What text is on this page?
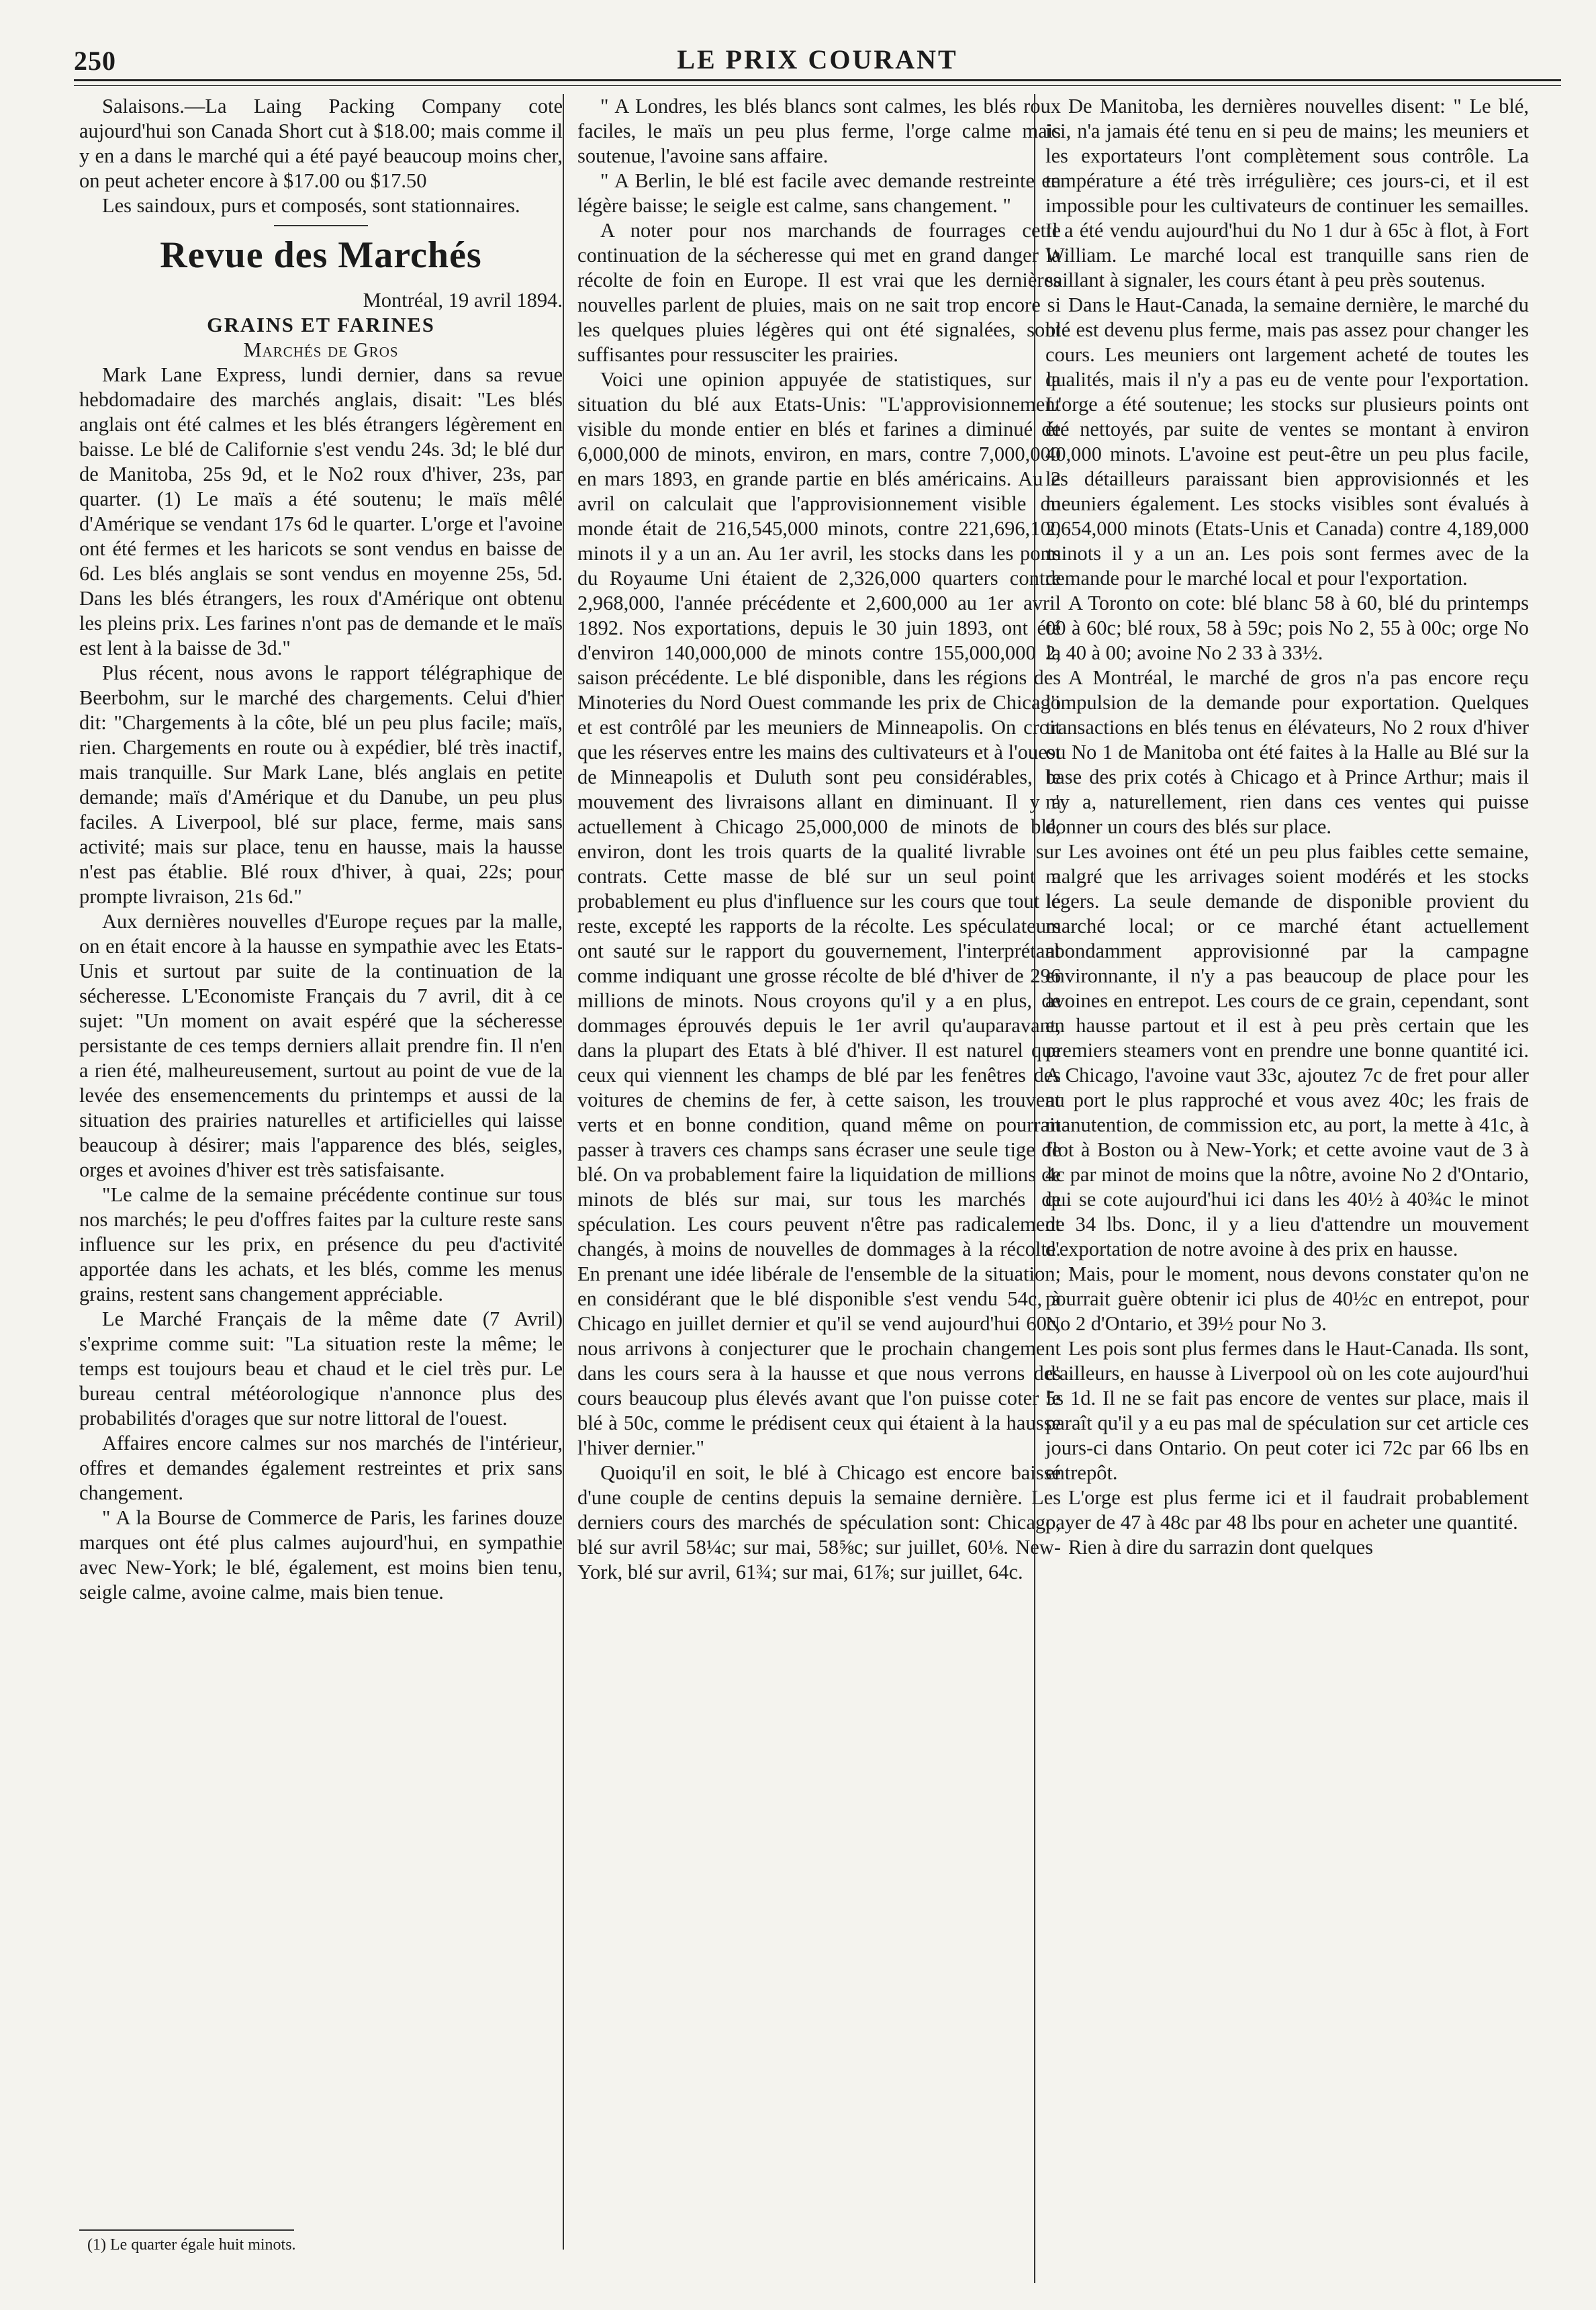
250	LE PRIX COURANT

Salaisons.—La Laing Packing Company cote aujourd'hui son Canada Short cut à $18.00; mais comme il y en a dans le marché qui a été payé beaucoup moins cher, on peut acheter encore à $17.00 ou $17.50

Les saindoux, purs et composés, sont stationnaires.

Revue des Marchés

Montréal, 19 avril 1894.

GRAINS ET FARINES

Marchés de Gros

Mark Lane Express, lundi dernier, dans sa revue hebdomadaire des marchés anglais, disait: "Les blés anglais ont été calmes et les blés étrangers légèrement en baisse. Le blé de Californie s'est vendu 24s. 3d; le blé dur de Manitoba, 25s 9d, et le No2 roux d'hiver, 23s, par quarter. (1) Le maïs a été soutenu; le maïs mêlé d'Amérique se vendant 17s 6d le quarter. L'orge et l'avoine ont été fermes et les haricots se sont vendus en baisse de 6d. Les blés anglais se sont vendus en moyenne 25s, 5d. Dans les blés étrangers, les roux d'Amérique ont obtenu les pleins prix. Les farines n'ont pas de demande et le maïs est lent à la baisse de 3d."

Plus récent, nous avons le rapport télégraphique de Beerbohm, sur le marché des chargements. Celui d'hier dit: "Chargements à la côte, blé un peu plus facile; maïs, rien. Chargements en route ou à expédier, blé très inactif, mais tranquille. Sur Mark Lane, blés anglais en petite demande; maïs d'Amérique et du Danube, un peu plus faciles. A Liverpool, blé sur place, ferme, mais sans activité; mais sur place, tenu en hausse, mais la hausse n'est pas établie. Blé roux d'hiver, à quai, 22s; pour prompte livraison, 21s 6d."

Aux dernières nouvelles d'Europe reçues par la malle, on en était encore à la hausse en sympathie avec les Etats-Unis et surtout par suite de la continuation de la sécheresse. L'Economiste Français du 7 avril, dit à ce sujet: "Un moment on avait espéré que la sécheresse persistante de ces temps derniers allait prendre fin. Il n'en a rien été, malheureusement, surtout au point de vue de la levée des ensemencements du printemps et aussi de la situation des prairies naturelles et artificielles qui laisse beaucoup à désirer; mais l'apparence des blés, seigles, orges et avoines d'hiver est très satisfaisante.

"Le calme de la semaine précédente continue sur tous nos marchés; le peu d'offres faites par la culture reste sans influence sur les prix, en présence du peu d'activité apportée dans les achats, et les blés, comme les menus grains, restent sans changement appréciable.

Le Marché Français de la même date (7 Avril) s'exprime comme suit: "La situation reste la même; le temps est toujours beau et chaud et le ciel très pur. Le bureau central météorologique n'annonce plus des probabilités d'orages que sur notre littoral de l'ouest.

Affaires encore calmes sur nos marchés de l'intérieur, offres et demandes également restreintes et prix sans changement.

" A la Bourse de Commerce de Paris, les farines douze marques ont été plus calmes aujourd'hui, en sympathie avec New-York; le blé, également, est moins bien tenu, seigle calme, avoine calme, mais bien tenue.

" A Londres, les blés blancs sont calmes, les blés roux faciles, le maïs un peu plus ferme, l'orge calme mais soutenue, l'avoine sans affaire.

" A Berlin, le blé est facile avec demande restreinte en légère baisse; le seigle est calme, sans changement. "

A noter pour nos marchands de fourrages cette continuation de la sécheresse qui met en grand danger la récolte de foin en Europe. Il est vrai que les dernières nouvelles parlent de pluies, mais on ne sait trop encore si les quelques pluies légères qui ont été signalées, sont suffisantes pour ressusciter les prairies.

Voici une opinion appuyée de statistiques, sur la situation du blé aux Etats-Unis: "L'approvisionnement visible du monde entier en blés et farines a diminué de 6,000,000 de minots, environ, en mars, contre 7,000,000 en mars 1893, en grande partie en blés américains. Au 2 avril on calculait que l'approvisionnement visible du monde était de 216,545,000 minots, contre 221,696,100 minots il y a un an. Au 1er avril, les stocks dans les ports du Royaume Uni étaient de 2,326,000 quarters contre 2,968,000, l'année précédente et 2,600,000 au 1er avril 1892. Nos exportations, depuis le 30 juin 1893, ont été d'environ 140,000,000 de minots contre 155,000,000 la saison précédente. Le blé disponible, dans les régions des Minoteries du Nord Ouest commande les prix de Chicago et est contrôlé par les meuniers de Minneapolis. On croit que les réserves entre les mains des cultivateurs et à l'ouest de Minneapolis et Duluth sont peu considérables, le mouvement des livraisons allant en diminuant. Il y a actuellement à Chicago 25,000,000 de minots de blé, environ, dont les trois quarts de la qualité livrable sur contrats. Cette masse de blé sur un seul point a probablement eu plus d'influence sur les cours que tout le reste, excepté les rapports de la récolte. Les spéculateurs ont sauté sur le rapport du gouvernement, l'interprétant comme indiquant une grosse récolte de blé d'hiver de 296 millions de minots. Nous croyons qu'il y a en plus, de dommages éprouvés depuis le 1er avril qu'auparavant, dans la plupart des Etats à blé d'hiver. Il est naturel que ceux qui viennent les champs de blé par les fenêtres des voitures de chemins de fer, à cette saison, les trouvent verts et en bonne condition, quand même on pourrait passer à travers ces champs sans écraser une seule tige de blé. On va probablement faire la liquidation de millions de minots de blés sur mai, sur tous les marchés de spéculation. Les cours peuvent n'être pas radicalement changés, à moins de nouvelles de dommages à la récolte. En prenant une idée libérale de l'ensemble de la situation; en considérant que le blé disponible s'est vendu 54c, à Chicago en juillet dernier et qu'il se vend aujourd'hui 60c, nous arrivons à conjecturer que le prochain changement dans les cours sera à la hausse et que nous verrons des cours beaucoup plus élevés avant que l'on puisse coter le blé à 50c, comme le prédisent ceux qui étaient à la hausse l'hiver dernier."

Quoiqu'il en soit, le blé à Chicago est encore baissé d'une couple de centins depuis la semaine dernière. Les derniers cours des marchés de spéculation sont: Chicago, blé sur avril 58¼c; sur mai, 58⅝c; sur juillet, 60⅛. New-York, blé sur avril, 61¾; sur mai, 61⅞; sur juillet, 64c.

De Manitoba, les dernières nouvelles disent: " Le blé, ici, n'a jamais été tenu en si peu de mains; les meuniers et les exportateurs l'ont complètement sous contrôle. La température a été très irrégulière; ces jours-ci, et il est impossible pour les cultivateurs de continuer les semailles. Il a été vendu aujourd'hui du No 1 dur à 65c à flot, à Fort William. Le marché local est tranquille sans rien de saillant à signaler, les cours étant à peu près soutenus.

Dans le Haut-Canada, la semaine dernière, le marché du blé est devenu plus ferme, mais pas assez pour changer les cours. Les meuniers ont largement acheté de toutes les qualités, mais il n'y a pas eu de vente pour l'exportation. L'orge a été soutenue; les stocks sur plusieurs points ont été nettoyés, par suite de ventes se montant à environ 40,000 minots. L'avoine est peut-être un peu plus facile, les détailleurs paraissant bien approvisionnés et les meuniers également. Les stocks visibles sont évalués à 2,654,000 minots (Etats-Unis et Canada) contre 4,189,000 minots il y a un an. Les pois sont fermes avec de la demande pour le marché local et pour l'exportation.

A Toronto on cote: blé blanc 58 à 60, blé du printemps 00 à 60c; blé roux, 58 à 59c; pois No 2, 55 à 00c; orge No 2, 40 à 00; avoine No 2 33 à 33½.

A Montréal, le marché de gros n'a pas encore reçu l'impulsion de la demande pour exportation. Quelques transactions en blés tenus en élévateurs, No 2 roux d'hiver ou No 1 de Manitoba ont été faites à la Halle au Blé sur la base des prix cotés à Chicago et à Prince Arthur; mais il n'y a, naturellement, rien dans ces ventes qui puisse donner un cours des blés sur place.

Les avoines ont été un peu plus faibles cette semaine, malgré que les arrivages soient modérés et les stocks légers. La seule demande de disponible provient du marché local; or ce marché étant actuellement abondamment approvisionné par la campagne environnante, il n'y a pas beaucoup de place pour les avoines en entrepot. Les cours de ce grain, cependant, sont en hausse partout et il est à peu près certain que les premiers steamers vont en prendre une bonne quantité ici. A Chicago, l'avoine vaut 33c, ajoutez 7c de fret pour aller au port le plus rapproché et vous avez 40c; les frais de manutention, de commission etc, au port, la mette à 41c, à flot à Boston ou à New-York; et cette avoine vaut de 3 à 4c par minot de moins que la nôtre, avoine No 2 d'Ontario, qui se cote aujourd'hui ici dans les 40½ à 40¾c le minot de 34 lbs. Donc, il y a lieu d'attendre un mouvement d'exportation de notre avoine à des prix en hausse.

Mais, pour le moment, nous devons constater qu'on ne pourrait guère obtenir ici plus de 40½c en entrepot, pour No 2 d'Ontario, et 39½ pour No 3.

Les pois sont plus fermes dans le Haut-Canada. Ils sont, d'ailleurs, en hausse à Liverpool où on les cote aujourd'hui 5s 1d. Il ne se fait pas encore de ventes sur place, mais il paraît qu'il y a eu pas mal de spéculation sur cet article ces jours-ci dans Ontario. On peut coter ici 72c par 66 lbs en entrepôt.

L'orge est plus ferme ici et il faudrait probablement payer de 47 à 48c par 48 lbs pour en acheter une quantité.

Rien à dire du sarrazin dont quelques

(1) Le quarter égale huit minots.
